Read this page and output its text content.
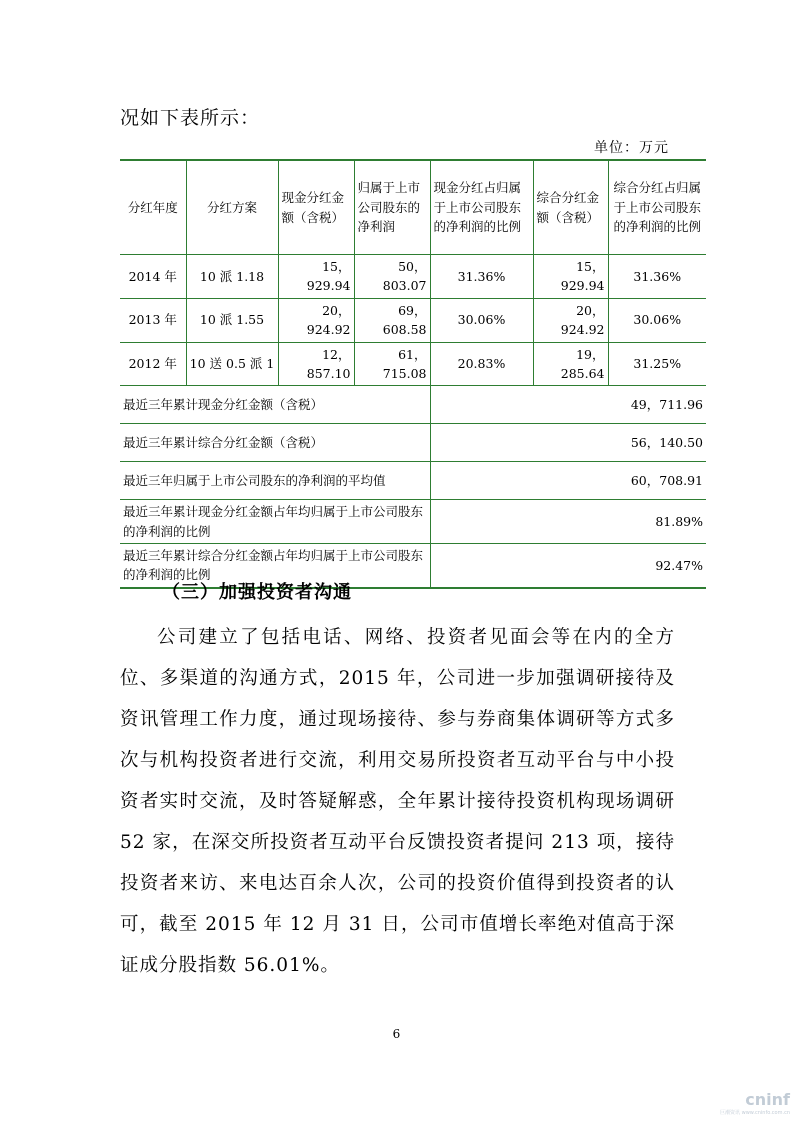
况如下表所示：
单位：万元
分红年度	分红方案	现金分红金额（含税）	归属于上市公司股东的净利润	现金分红占归属于上市公司股东的净利润的比例	综合分红金额（含税）	综合分红占归属于上市公司股东的净利润的比例
2014 年	10 派 1.18	15，929.94	50，803.07	31.36%	15，929.94	31.36%
2013 年	10 派 1.55	20，924.92	69，608.58	30.06%	20，924.92	30.06%
2012 年	10 送 0.5 派 1	12，857.10	61，715.08	20.83%	19，285.64	31.25%
最近三年累计现金分红金额（含税）				49，711.96		
最近三年累计综合分红金额（含税）				56，140.50		
最近三年归属于上市公司股东的净利润的平均值				60，708.91		
最近三年累计现金分红金额占年均归属于上市公司股东的净利润的比例				81.89%		
最近三年累计综合分红金额占年均归属于上市公司股东的净利润的比例				92.47%		
（三）加强投资者沟通

公司建立了包括电话、网络、投资者见面会等在内的全方位、多渠道的沟通方式，2015 年，公司进一步加强调研接待及资讯管理工作力度，通过现场接待、参与券商集体调研等方式多次与机构投资者进行交流，利用交易所投资者互动平台与中小投资者实时交流，及时答疑解惑，全年累计接待投资机构现场调研 52 家，在深交所投资者互动平台反馈投资者提问 213 项，接待投资者来访、来电达百余人次，公司的投资价值得到投资者的认可，截至 2015 年 12 月 31 日，公司市值增长率绝对值高于深证成分股指数 56.01%。

6
cninf
巨潮资讯 www.cninfo.com.cn
